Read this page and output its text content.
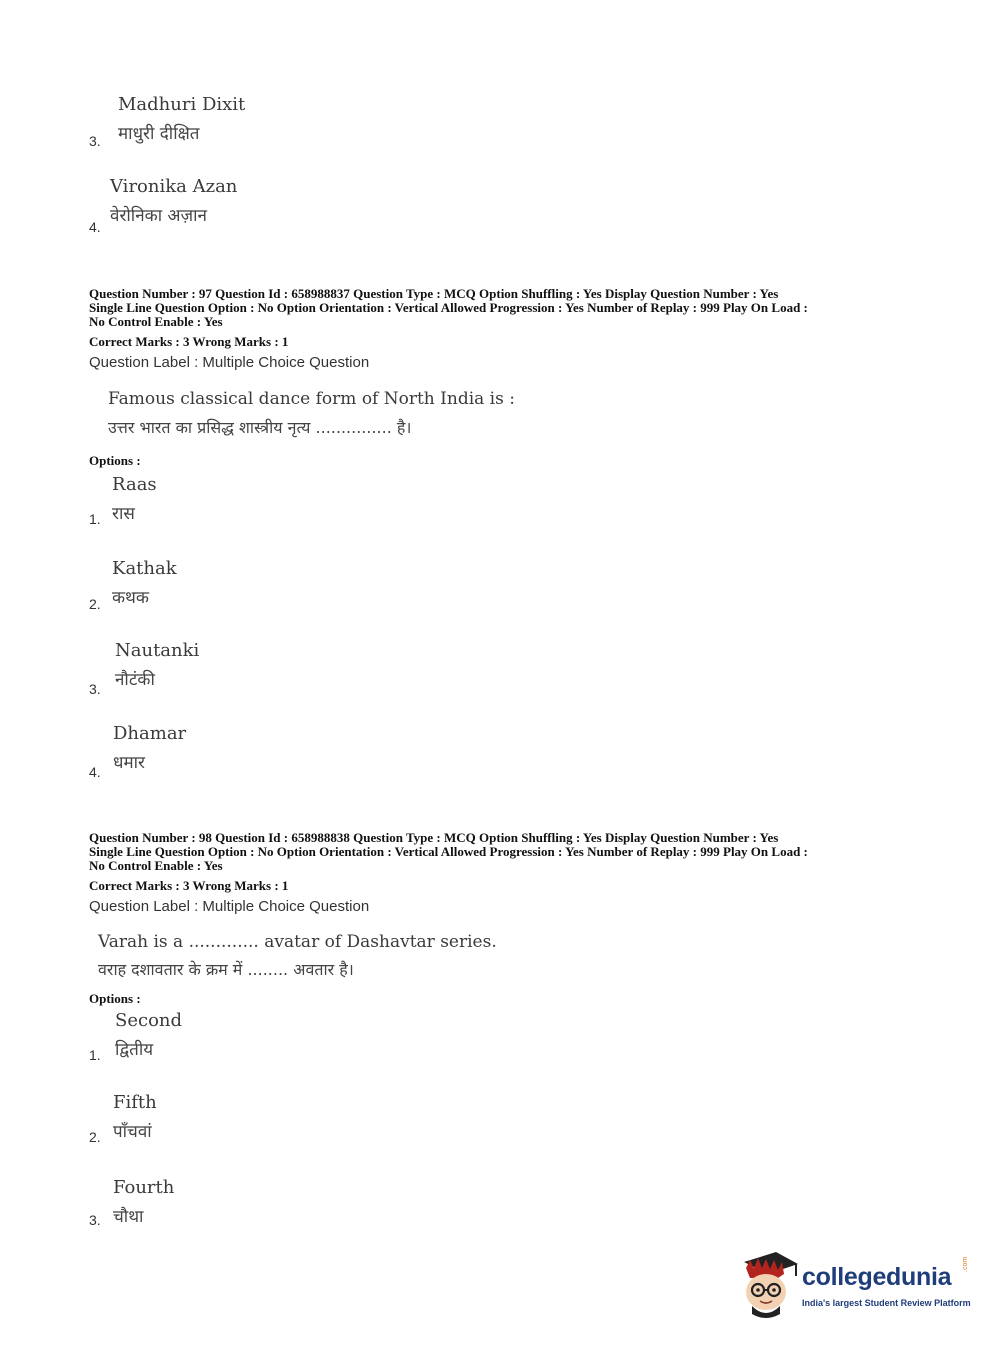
Madhuri Dixit
माधुरी दीक्षित
3.
Vironika Azan
वेरोनिका अज़ान
4.
Question Number : 97 Question Id : 658988837 Question Type : MCQ Option Shuffling : Yes Display Question Number : Yes
Single Line Question Option : No Option Orientation : Vertical Allowed Progression : Yes Number of Replay : 999 Play On Load :
No Control Enable : Yes
Correct Marks : 3 Wrong Marks : 1
Question Label : Multiple Choice Question
Famous classical dance form of North India is :
उत्तर भारत का प्रसिद्ध शास्त्रीय नृत्य ............... है।
Options :
Raas
रास
1.
Kathak
कथक
2.
Nautanki
नौटंकी
3.
Dhamar
धमार
4.
Question Number : 98 Question Id : 658988838 Question Type : MCQ Option Shuffling : Yes Display Question Number : Yes
Single Line Question Option : No Option Orientation : Vertical Allowed Progression : Yes Number of Replay : 999 Play On Load :
No Control Enable : Yes
Correct Marks : 3 Wrong Marks : 1
Question Label : Multiple Choice Question
Varah is a ............. avatar of Dashavtar series.
वराह दशावतार के क्रम में ........ अवतार है।
Options :
Second
द्वितीय
1.
Fifth
पाँचवां
2.
Fourth
चौथा
3.
collegedunia .com
India's largest Student Review Platform
